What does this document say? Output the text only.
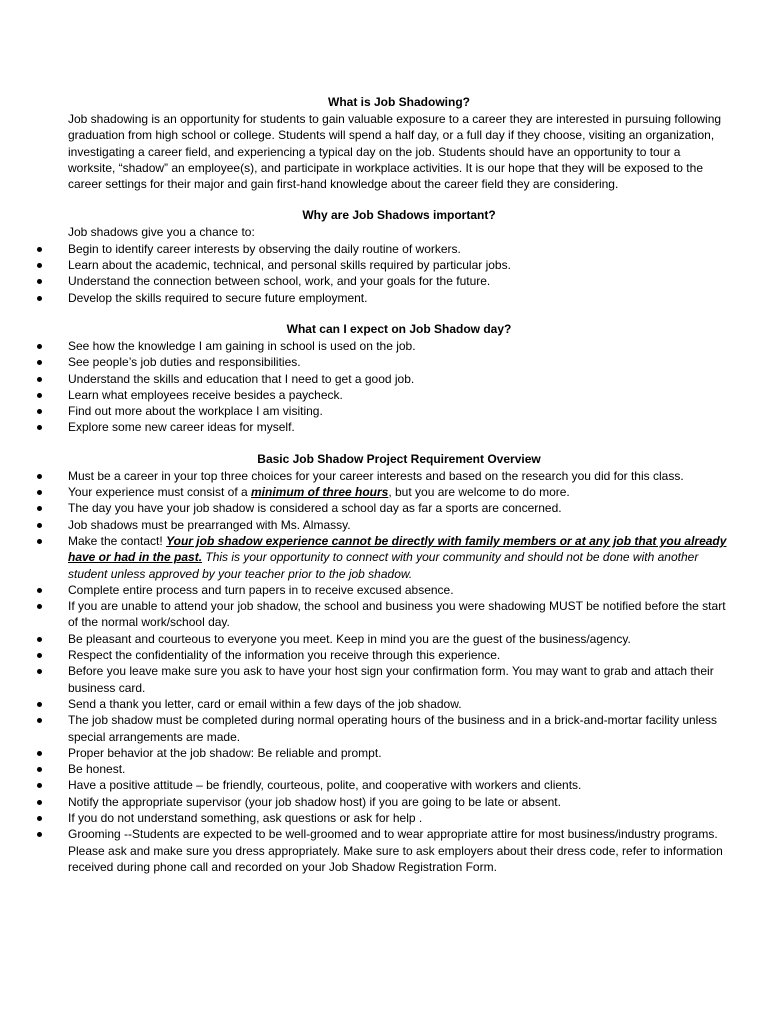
What is Job Shadowing?

Job shadowing is an opportunity for students to gain valuable exposure to a career they are interested in pursuing following graduation from high school or college. Students will spend a half day, or a full day if they choose, visiting an organization, investigating a career field, and experiencing a typical day on the job. Students should have an opportunity to tour a worksite, “shadow” an employee(s), and participate in workplace activities. It is our hope that they will be exposed to the career settings for their major and gain first-hand knowledge about the career field they are considering.

Why are Job Shadows important?

Job shadows give you a chance to:

Begin to identify career interests by observing the daily routine of workers.
Learn about the academic, technical, and personal skills required by particular jobs.
Understand the connection between school, work, and your goals for the future.
Develop the skills required to secure future employment.
What can I expect on Job Shadow day?
See how the knowledge I am gaining in school is used on the job.
See people’s job duties and responsibilities.
Understand the skills and education that I need to get a good job.
Learn what employees receive besides a paycheck.
Find out more about the workplace I am visiting.
Explore some new career ideas for myself.
Basic Job Shadow Project Requirement Overview
Must be a career in your top three choices for your career interests and based on the research you did for this class.
Your experience must consist of a minimum of three hours, but you are welcome to do more.
The day you have your job shadow is considered a school day as far a sports are concerned.
Job shadows must be prearranged with Ms. Almassy.
Make the contact! Your job shadow experience cannot be directly with family members or at any job that you already have or had in the past. This is your opportunity to connect with your community and should not be done with another student unless approved by your teacher prior to the job shadow.
Complete entire process and turn papers in to receive excused absence.
If you are unable to attend your job shadow, the school and business you were shadowing MUST be notified before the start of the normal work/school day.
Be pleasant and courteous to everyone you meet. Keep in mind you are the guest of the business/agency.
Respect the confidentiality of the information you receive through this experience.
Before you leave make sure you ask to have your host sign your confirmation form. You may want to grab and attach their business card.
Send a thank you letter, card or email within a few days of the job shadow.
The job shadow must be completed during normal operating hours of the business and in a brick-and-mortar facility unless special arrangements are made.
Proper behavior at the job shadow: Be reliable and prompt.
Be honest.
Have a positive attitude – be friendly, courteous, polite, and cooperative with workers and clients.
Notify the appropriate supervisor (your job shadow host) if you are going to be late or absent.
If you do not understand something, ask questions or ask for help .
Grooming --Students are expected to be well-groomed and to wear appropriate attire for most business/industry programs. Please ask and make sure you dress appropriately. Make sure to ask employers about their dress code, refer to information received during phone call and recorded on your Job Shadow Registration Form.
